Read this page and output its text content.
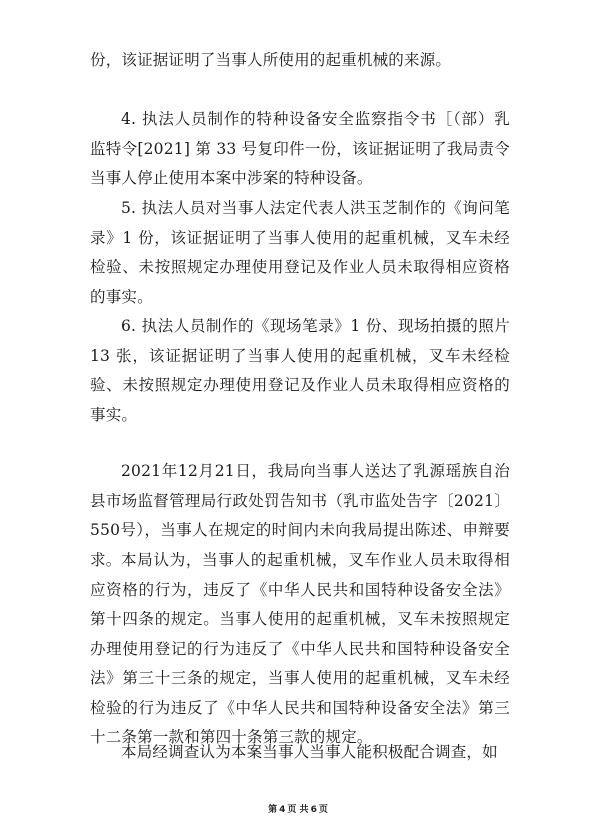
份，该证据证明了当事人所使用的起重机械的来源。

4. 执法人员制作的特种设备安全监察指令书［（部）乳监特令[2021] 第 33 号复印件一份，该证据证明了我局责令当事人停止使用本案中涉案的特种设备。

5. 执法人员对当事人法定代表人洪玉芝制作的《询问笔录》1 份，该证据证明了当事人使用的起重机械，叉车未经检验、未按照规定办理使用登记及作业人员未取得相应资格的事实。

6. 执法人员制作的《现场笔录》1 份、现场拍摄的照片13 张，该证据证明了当事人使用的起重机械，叉车未经检验、未按照规定办理使用登记及作业人员未取得相应资格的事实。

2021年12月21日，我局向当事人送达了乳源瑶族自治县市场监督管理局行政处罚告知书（乳市监处告字〔2021〕550号），当事人在规定的时间内未向我局提出陈述、申辩要求。 本局认为，当事人的起重机械，叉车作业人员未取得相应资格的行为，违反了《中华人民共和国特种设备安全法》第十四条的规定。当事人使用的起重机械，叉车未按照规定办理使用登记的行为违反了《中华人民共和国特种设备安全法》第三十三条的规定，当事人使用的起重机械，叉车未经检验的行为违反了《中华人民共和国特种设备安全法》第三十二条第一款和第四十条第三款的规定。

本局经调查认为本案当事人当事人能积极配合调查，如

第 4 页 共 6 页
